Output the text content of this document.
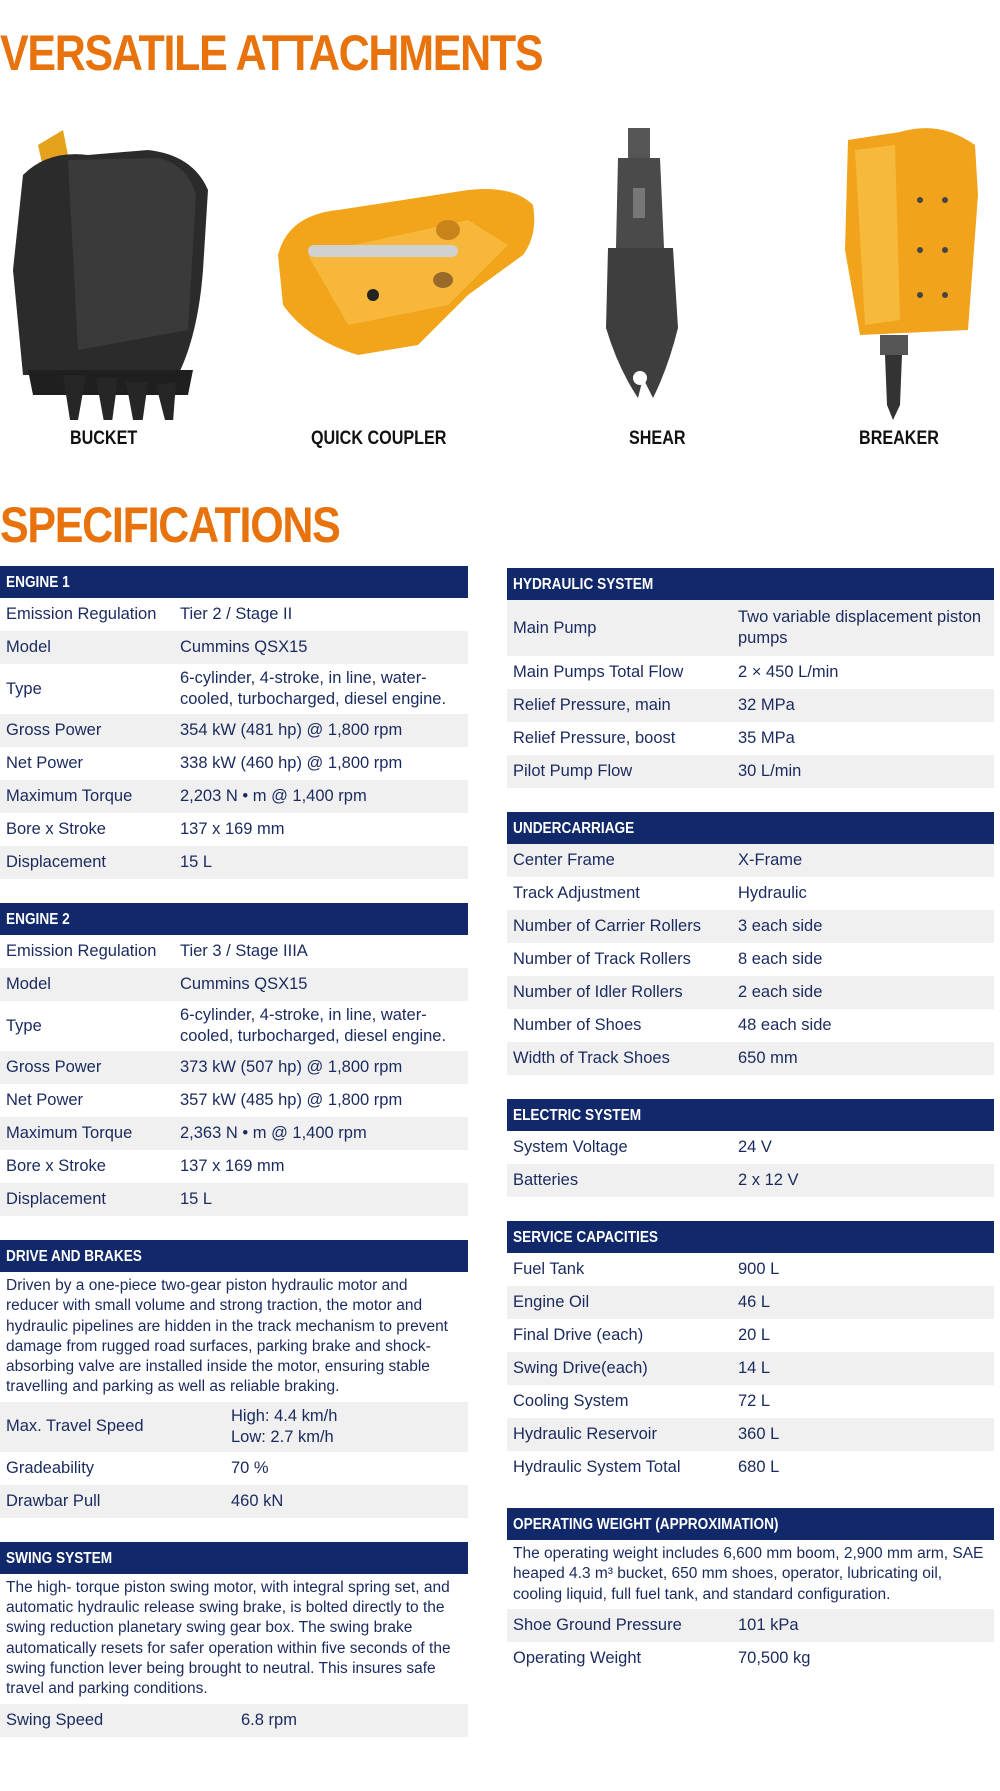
VERSATILE ATTACHMENTS
BUCKET	QUICK COUPLER	SHEAR	BREAKER
SPECIFICATIONS
ENGINE 1
Emission Regulation	Tier 2 / Stage II
Model	Cummins QSX15
Type	6-cylinder, 4-stroke, in line, water-cooled, turbocharged, diesel engine.
Gross Power	354 kW (481 hp) @ 1,800 rpm
Net Power	338 kW (460 hp) @ 1,800 rpm
Maximum Torque	2,203 N • m @ 1,400 rpm
Bore x Stroke	137 x 169 mm
Displacement	15 L
ENGINE 2
Emission Regulation	Tier 3 / Stage IIIA
Model	Cummins QSX15
Type	6-cylinder, 4-stroke, in line, water-cooled, turbocharged, diesel engine.
Gross Power	373 kW (507 hp) @ 1,800 rpm
Net Power	357 kW (485 hp) @ 1,800 rpm
Maximum Torque	2,363 N • m @ 1,400 rpm
Bore x Stroke	137 x 169 mm
Displacement	15 L
DRIVE AND BRAKES
Driven by a one-piece two-gear piston hydraulic motor and reducer with small volume and strong traction, the motor and hydraulic pipelines are hidden in the track mechanism to prevent damage from rugged road surfaces, parking brake and shock-absorbing valve are installed inside the motor, ensuring stable travelling and parking as well as reliable braking.
Max. Travel Speed	High: 4.4 km/h
Low: 2.7 km/h

Gradeability	70 %
Drawbar Pull	460 kN
SWING SYSTEM
The high- torque piston swing motor, with integral spring set, and automatic hydraulic release swing brake, is bolted directly to the swing reduction planetary swing gear box. The swing brake automatically resets for safer operation within five seconds of the swing function lever being brought to neutral. This insures safe travel and parking conditions.
Swing Speed	6.8 rpm
HYDRAULIC SYSTEM
Main Pump	Two variable displacement piston pumps
Main Pumps Total Flow	2 × 450 L/min
Relief Pressure, main	32 MPa
Relief Pressure, boost	35 MPa
Pilot Pump Flow	30 L/min
UNDERCARRIAGE
Center Frame	X-Frame
Track Adjustment	Hydraulic
Number of Carrier Rollers	3 each side
Number of Track Rollers	8 each side
Number of Idler Rollers	2 each side
Number of Shoes	48 each side
Width of Track Shoes	650 mm
ELECTRIC SYSTEM
System Voltage	24 V
Batteries	2 x 12 V
SERVICE CAPACITIES
Fuel Tank	900 L
Engine Oil	46 L
Final Drive (each)	20 L
Swing Drive(each)	14 L
Cooling System	72 L
Hydraulic Reservoir	360 L
Hydraulic System Total	680 L
OPERATING WEIGHT (APPROXIMATION)
The operating weight includes 6,600 mm boom, 2,900 mm arm, SAE heaped 4.3 m³ bucket, 650 mm shoes, operator, lubricating oil, cooling liquid, full fuel tank, and standard configuration.
Shoe Ground Pressure	101 kPa
Operating Weight	70,500 kg
